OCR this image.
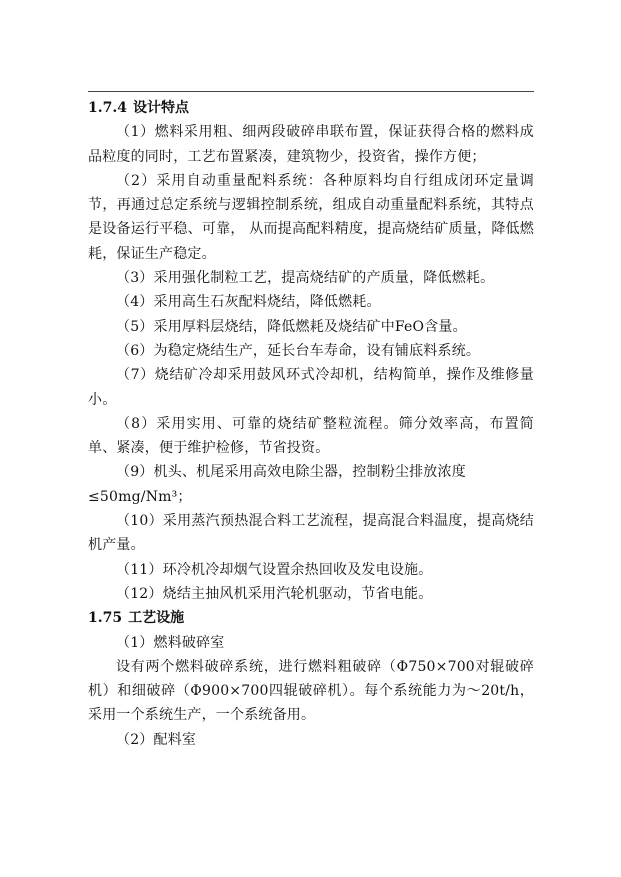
1.7.4 设计特点

（1）燃料采用粗、细两段破碎串联布置，保证获得合格的燃料成品粒度的同时，工艺布置紧凑，建筑物少，投资省，操作方便；

（2）采用自动重量配料系统：各种原料均自行组成闭环定量调节，再通过总定系统与逻辑控制系统，组成自动重量配料系统，其特点是设备运行平稳、可靠， 从而提高配料精度，提高烧结矿质量，降低燃耗，保证生产稳定。

（3）采用强化制粒工艺，提高烧结矿的产质量，降低燃耗。

（4）采用高生石灰配料烧结，降低燃耗。

（5）采用厚料层烧结，降低燃耗及烧结矿中FeO含量。

（6）为稳定烧结生产，延长台车寿命，设有铺底料系统。

（7）烧结矿冷却采用鼓风环式冷却机，结构简单，操作及维修量小。

（8）采用实用、可靠的烧结矿整粒流程。筛分效率高，布置简单、紧凑，便于维护检修，节省投资。

（9）机头、机尾采用高效电除尘器，控制粉尘排放浓度

≤50mg/Nm³；

（10）采用蒸汽预热混合料工艺流程，提高混合料温度，提高烧结机产量。

（11）环冷机冷却烟气设置余热回收及发电设施。

（12）烧结主抽风机采用汽轮机驱动，节省电能。

1.75 工艺设施

（1）燃料破碎室

设有两个燃料破碎系统，进行燃料粗破碎（Φ750×700对辊破碎机）和细破碎（Φ900×700四辊破碎机）。每个系统能力为～20t/h，采用一个系统生产，一个系统备用。

（2）配料室
